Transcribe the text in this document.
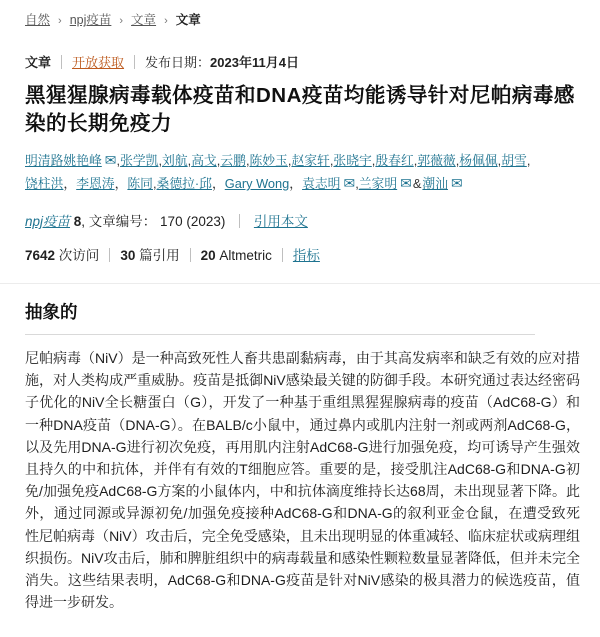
自然 › npj疫苗 › 文章 › 文章
文章 开放获取 发布日期：2023年11月4日
黑猩猩腺病毒载体疫苗和DNA疫苗均能诱导针对尼帕病毒感染的长期免疫力

明清路姚艳峰 ✉,张学凯,刘航,高戈,云鹏,陈妙玉,赵家轩,张晓宇,殷春红,郭薇薇,杨佩佩,胡雪,饶柱洪，李恩涛，陈同,桑德拉·邱，Gary Wong，袁志明 ✉,兰家明 ✉&潮汕 ✉

npj疫苗 8, 文章编号： 170 (2023) 引用本文

7642 次访问 30 篇引用 20 Altmetric 指标

抽象的

尼帕病毒（NiV）是一种高致死性人畜共患副黏病毒，由于其高发病率和缺乏有效的应对措施，对人类构成严重威胁。疫苗是抵御NiV感染最关键的防御手段。本研究通过表达经密码子优化的NiV全长糖蛋白（G），开发了一种基于重组黑猩猩腺病毒的疫苗（AdC68-G）和一种DNA疫苗（DNA-G）。在BALB/c小鼠中，通过鼻内或肌内注射一剂或两剂AdC68-G，以及先用DNA-G进行初次免疫，再用肌内注射AdC68-G进行加强免疫，均可诱导产生强效且持久的中和抗体，并伴有有效的T细胞应答。重要的是，接受肌注AdC68-G和DNA-G初免/加强免疫AdC68-G方案的小鼠体内，中和抗体滴度维持长达68周，未出现显著下降。此外，通过同源或异源初免/加强免疫接种AdC68-G和DNA-G的叙利亚金仓鼠，在遭受致死性尼帕病毒（NiV）攻击后，完全免受感染，且未出现明显的体重减轻、临床症状或病理组织损伤。NiV攻击后，肺和脾脏组织中的病毒载量和感染性颗粒数量显著降低，但并未完全消失。这些结果表明，AdC68-G和DNA-G疫苗是针对NiV感染的极具潜力的候选疫苗，值得进一步研发。
